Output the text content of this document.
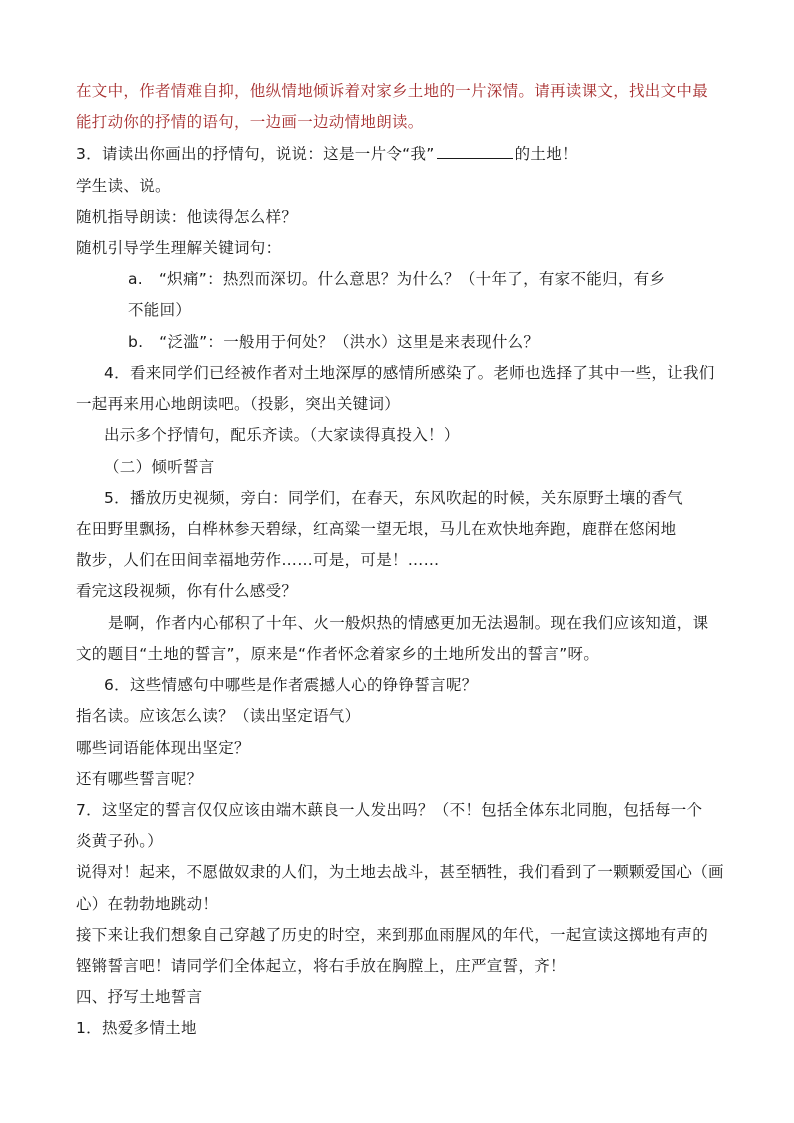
在文中，作者情难自抑，他纵情地倾诉着对家乡土地的一片深情。请再读课文，找出文中最
能打动你的抒情的语句，一边画一边动情地朗读。
3．请读出你画出的抒情句，说说：这是一片令“我”	的土地！
学生读、说。
随机指导朗读：他读得怎么样？
随机引导学生理解关键词句：
a.　“炽痛”：热烈而深切。什么意思？为什么？（十年了，有家不能归，有乡
不能回）
b.　“泛滥”：一般用于何处？（洪水）这里是来表现什么？
4．看来同学们已经被作者对土地深厚的感情所感染了。老师也选择了其中一些，让我们
一起再来用心地朗读吧。（投影，突出关键词）
出示多个抒情句，配乐齐读。（大家读得真投入！）
（二）倾听誓言
5．播放历史视频，旁白：同学们，在春天，东风吹起的时候，关东原野土壤的香气
在田野里飘扬，白桦林参天碧绿，红高粱一望无垠，马儿在欢快地奔跑，鹿群在悠闲地
散步，人们在田间幸福地劳作……可是，可是！……
看完这段视频，你有什么感受？
是啊，作者内心郁积了十年、火一般炽热的情感更加无法遏制。现在我们应该知道，课
文的题目“土地的誓言”，原来是“作者怀念着家乡的土地所发出的誓言”呀。
6．这些情感句中哪些是作者震撼人心的铮铮誓言呢？
指名读。应该怎么读？（读出坚定语气）
哪些词语能体现出坚定？
还有哪些誓言呢？
7．这坚定的誓言仅仅应该由端木蕻良一人发出吗？（不！包括全体东北同胞，包括每一个
炎黄子孙。）
说得对！起来，不愿做奴隶的人们，为土地去战斗，甚至牺牲，我们看到了一颗颗爱国心（画
心）在勃勃地跳动！
接下来让我们想象自己穿越了历史的时空，来到那血雨腥风的年代，一起宣读这掷地有声的
铿锵誓言吧！请同学们全体起立，将右手放在胸膛上，庄严宣誓，齐！
四、抒写土地誓言
1．热爱多情土地
